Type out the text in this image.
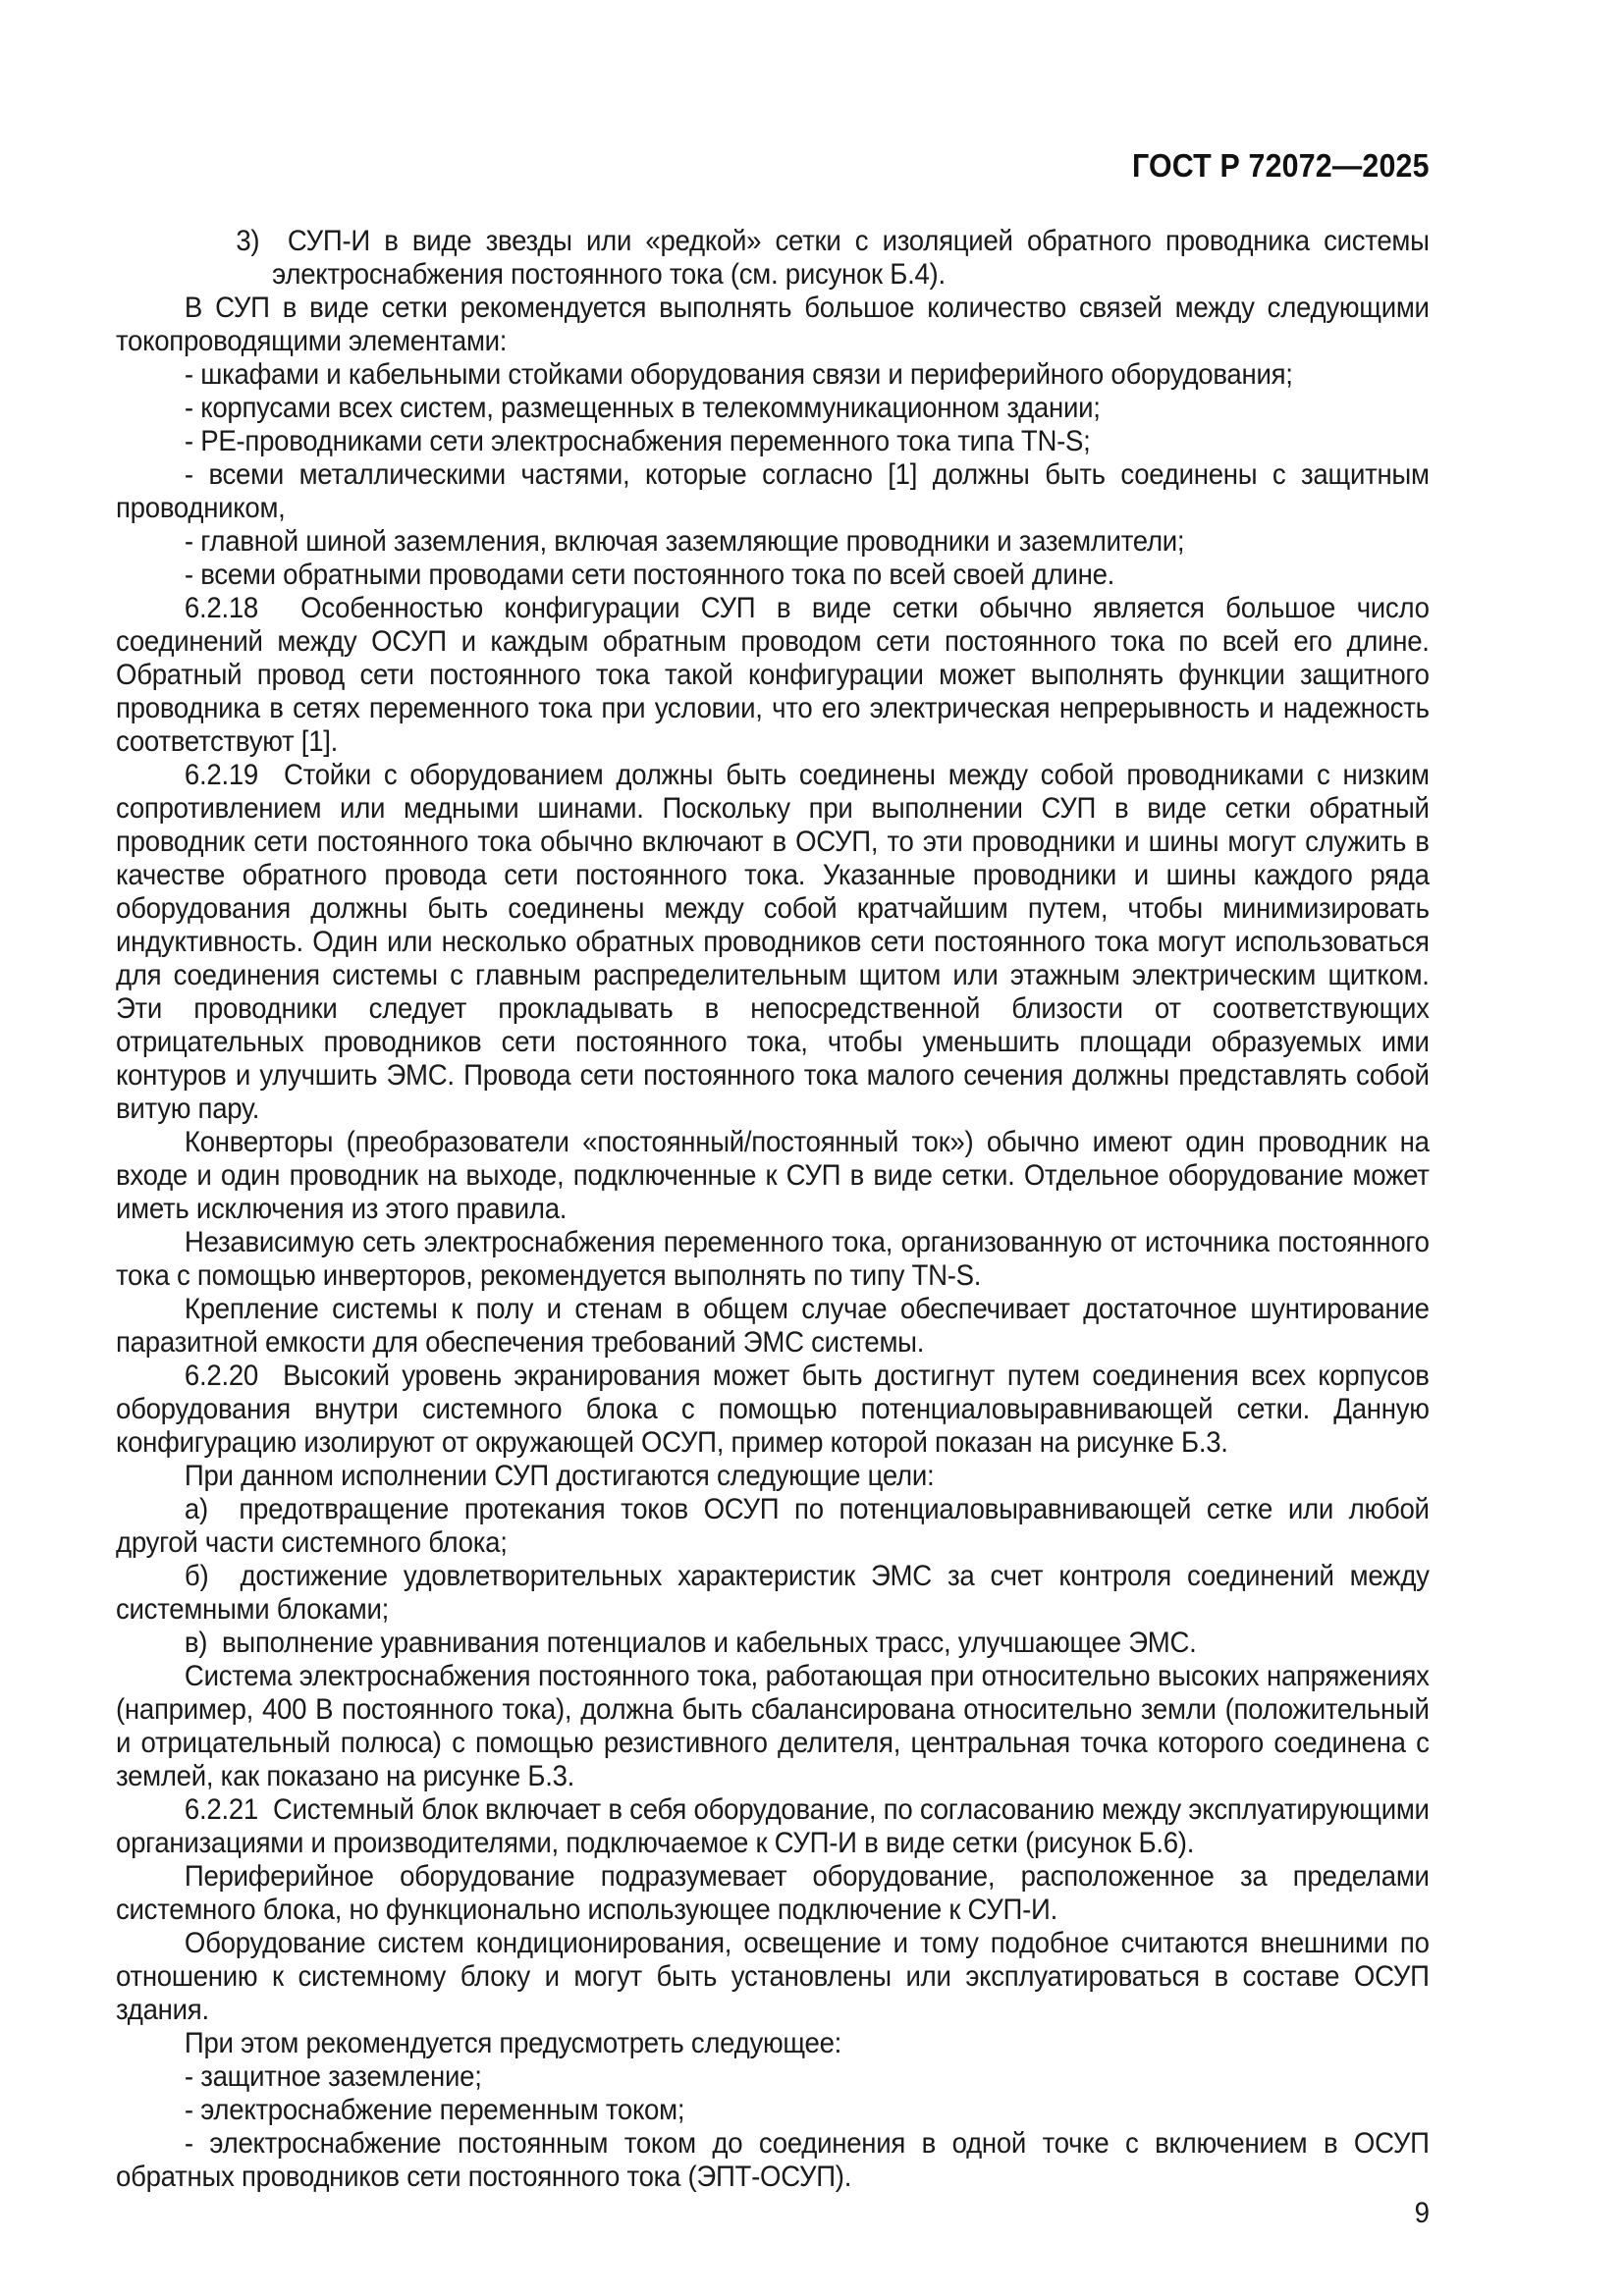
ГОСТ Р 72072—2025

3)  СУП-И в виде звезды или «редкой» сетки с изоляцией обратного проводника системы электроснабжения постоянного тока (см. рисунок Б.4).

В СУП в виде сетки рекомендуется выполнять большое количество связей между следующими токопроводящими элементами:

- шкафами и кабельными стойками оборудования связи и периферийного оборудования;

- корпусами всех систем, размещенных в телекоммуникационном здании;

- PE-проводниками сети электроснабжения переменного тока типа TN-S;

- всеми металлическими частями, которые согласно [1] должны быть соединены с защитным проводником,

- главной шиной заземления, включая заземляющие проводники и заземлители;

- всеми обратными проводами сети постоянного тока по всей своей длине.

6.2.18  Особенностью конфигурации СУП в виде сетки обычно является большое число соединений между ОСУП и каждым обратным проводом сети постоянного тока по всей его длине. Обратный провод сети постоянного тока такой конфигурации может выполнять функции защитного проводника в сетях переменного тока при условии, что его электрическая непрерывность и надежность соответствуют [1].

6.2.19  Стойки с оборудованием должны быть соединены между собой проводниками с низким сопротивлением или медными шинами. Поскольку при выполнении СУП в виде сетки обратный проводник сети постоянного тока обычно включают в ОСУП, то эти проводники и шины могут служить в качестве обратного провода сети постоянного тока. Указанные проводники и шины каждого ряда оборудования должны быть соединены между собой кратчайшим путем, чтобы минимизировать индуктивность. Один или несколько обратных проводников сети постоянного тока могут использоваться для соединения системы с главным распределительным щитом или этажным электрическим щитком. Эти проводники следует прокладывать в непосредственной близости от соответствующих отрицательных проводников сети постоянного тока, чтобы уменьшить площади образуемых ими контуров и улучшить ЭМС. Провода сети постоянного тока малого сечения должны представлять собой витую пару.

Конверторы (преобразователи «постоянный/постоянный ток») обычно имеют один проводник на входе и один проводник на выходе, подключенные к СУП в виде сетки. Отдельное оборудование может иметь исключения из этого правила.

Независимую сеть электроснабжения переменного тока, организованную от источника постоянного тока с помощью инверторов, рекомендуется выполнять по типу TN-S.

Крепление системы к полу и стенам в общем случае обеспечивает достаточное шунтирование паразитной емкости для обеспечения требований ЭМС системы.

6.2.20  Высокий уровень экранирования может быть достигнут путем соединения всех корпусов оборудования внутри системного блока с помощью потенциаловыравнивающей сетки. Данную конфигурацию изолируют от окружающей ОСУП, пример которой показан на рисунке Б.3.

При данном исполнении СУП достигаются следующие цели:

а)  предотвращение протекания токов ОСУП по потенциаловыравнивающей сетке или любой другой части системного блока;

б)  достижение удовлетворительных характеристик ЭМС за счет контроля соединений между системными блоками;

в)  выполнение уравнивания потенциалов и кабельных трасс, улучшающее ЭМС.

Система электроснабжения постоянного тока, работающая при относительно высоких напряжениях (например, 400 В постоянного тока), должна быть сбалансирована относительно земли (положительный и отрицательный полюса) с помощью резистивного делителя, центральная точка которого соединена с землей, как показано на рисунке Б.3.

6.2.21  Системный блок включает в себя оборудование, по согласованию между эксплуатирующими организациями и производителями, подключаемое к СУП-И в виде сетки (рисунок Б.6).

Периферийное оборудование подразумевает оборудование, расположенное за пределами системного блока, но функционально использующее подключение к СУП-И.

Оборудование систем кондиционирования, освещение и тому подобное считаются внешними по отношению к системному блоку и могут быть установлены или эксплуатироваться в составе ОСУП здания.

При этом рекомендуется предусмотреть следующее:

- защитное заземление;

- электроснабжение переменным током;

- электроснабжение постоянным током до соединения в одной точке с включением в ОСУП обратных проводников сети постоянного тока (ЭПТ-ОСУП).

9
